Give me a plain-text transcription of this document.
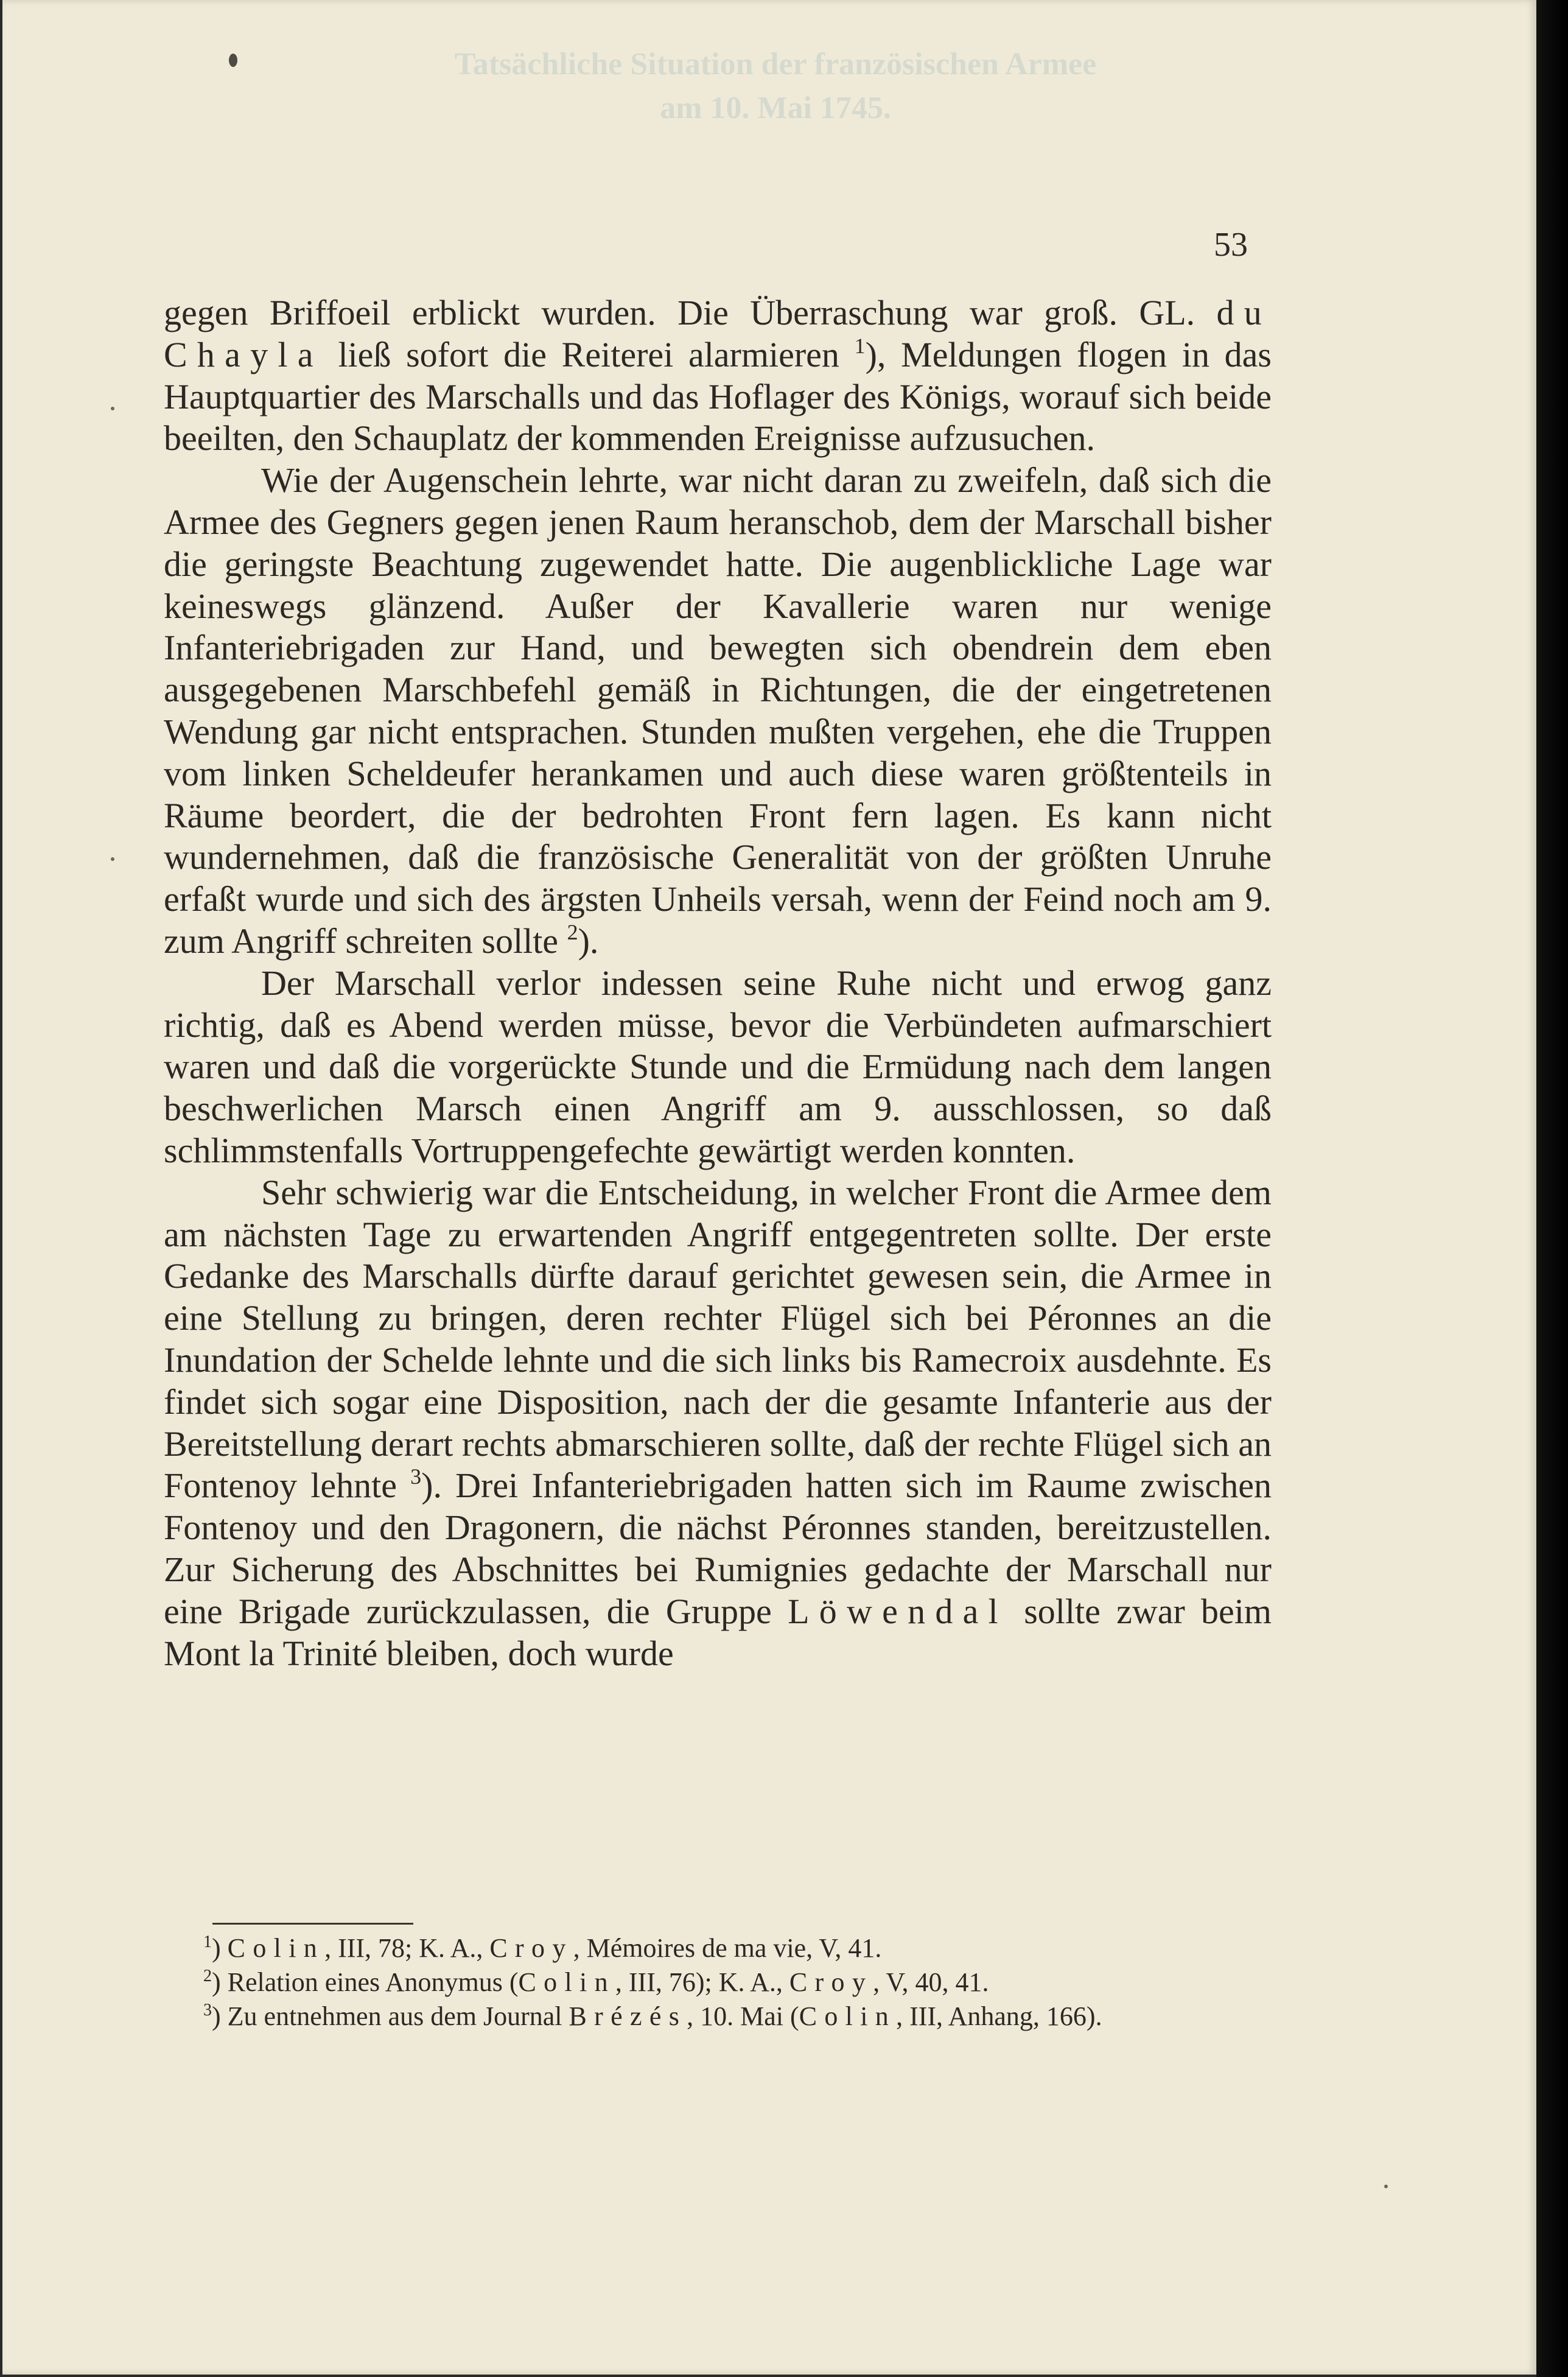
Tatsächliche Situation der französischen Armee
am 10. Mai 1745.
53

gegen Briffoeil erblickt wurden. Die Überraschung war groß. GL. du Chayla ließ sofort die Reiterei alarmieren $^1$), Meldungen flogen in das Hauptquartier des Marschalls und das Hoflager des Königs, worauf sich beide beeilten, den Schauplatz der kommenden Ereignisse aufzusuchen.

Wie der Augenschein lehrte, war nicht daran zu zweifeln, daß sich die Armee des Gegners gegen jenen Raum heranschob, dem der Marschall bisher die geringste Beachtung zugewendet hatte. Die augenblickliche Lage war keineswegs glänzend. Außer der Kavallerie waren nur wenige Infanteriebrigaden zur Hand, und bewegten sich obendrein dem eben ausgegebenen Marschbefehl gemäß in Richtungen, die der eingetretenen Wendung gar nicht entsprachen. Stunden mußten vergehen, ehe die Truppen vom linken Scheldeufer herankamen und auch diese waren größtenteils in Räume beordert, die der bedrohten Front fern lagen. Es kann nicht wundernehmen, daß die französische Generalität von der größten Unruhe erfaßt wurde und sich des ärgsten Unheils versah, wenn der Feind noch am 9. zum Angriff schreiten sollte $^2$).

Der Marschall verlor indessen seine Ruhe nicht und erwog ganz richtig, daß es Abend werden müsse, bevor die Verbündeten aufmarschiert waren und daß die vorgerückte Stunde und die Ermüdung nach dem langen beschwerlichen Marsch einen Angriff am 9. ausschlossen, so daß schlimmstenfalls Vortruppengefechte gewärtigt werden konnten.

Sehr schwierig war die Entscheidung, in welcher Front die Armee dem am nächsten Tage zu erwartenden Angriff entgegentreten sollte. Der erste Gedanke des Marschalls dürfte darauf gerichtet gewesen sein, die Armee in eine Stellung zu bringen, deren rechter Flügel sich bei Péronnes an die Inundation der Schelde lehnte und die sich links bis Ramecroix ausdehnte. Es findet sich sogar eine Disposition, nach der die gesamte Infanterie aus der Bereitstellung derart rechts abmarschieren sollte, daß der rechte Flügel sich an Fontenoy lehnte $^3$). Drei Infanteriebrigaden hatten sich im Raume zwischen Fontenoy und den Dragonern, die nächst Péronnes standen, bereitzustellen. Zur Sicherung des Abschnittes bei Rumignies gedachte der Marschall nur eine Brigade zurückzulassen, die Gruppe Löwendal sollte zwar beim Mont la Trinité bleiben, doch wurde

$^1$) Colin, III, 78; K. A., Croy, Mémoires de ma vie, V, 41.

$^2$) Relation eines Anonymus (Colin, III, 76); K. A., Croy, V, 40, 41.

$^3$) Zu entnehmen aus dem Journal Brézés, 10. Mai (Colin, III, Anhang, 166).
